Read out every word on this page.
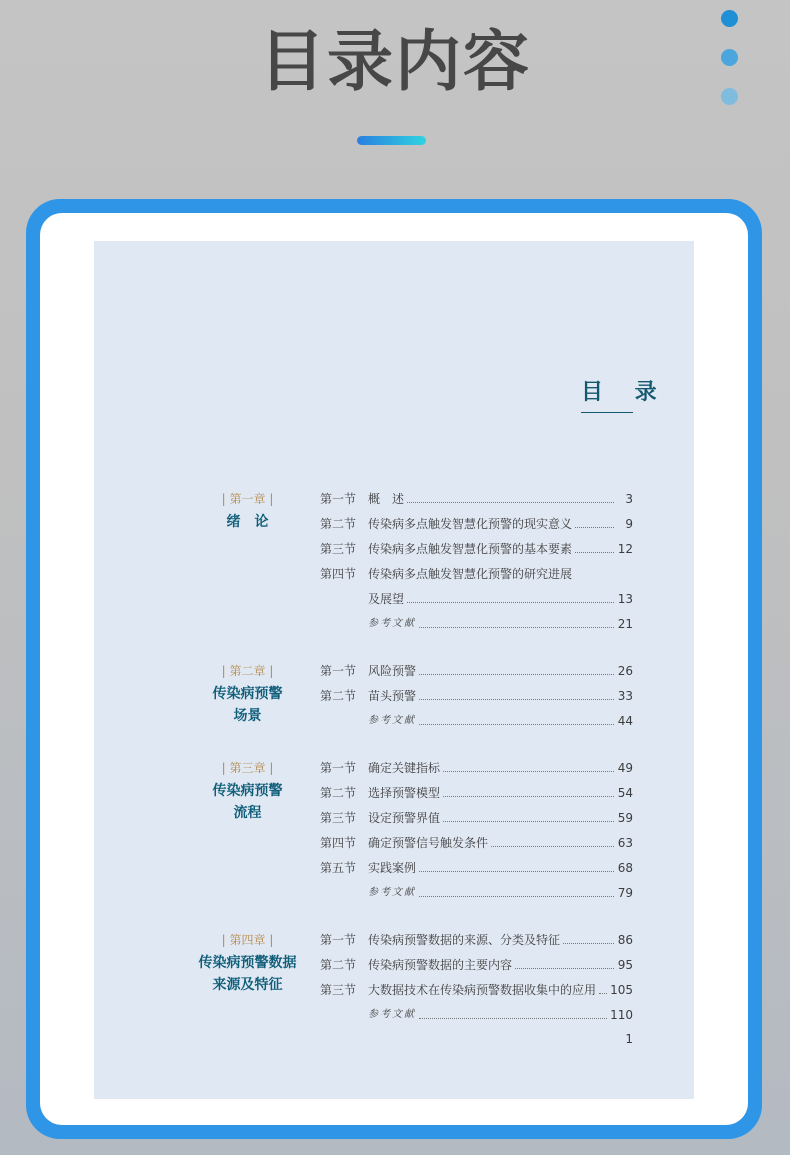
目录内容
目 录
| 第一章 |
绪　论
第一节 概　述	3
第二节 传染病多点触发智慧化预警的现实意义	9
第三节 传染病多点触发智慧化预警的基本要素	12
第四节 传染病多点触发智慧化预警的研究进展
及展望	13
参考文献	21
| 第二章 |
传染病预警
场景
第一节 风险预警	26
第二节 苗头预警	33
参考文献	44
| 第三章 |
传染病预警
流程
第一节 确定关键指标	49
第二节 选择预警模型	54
第三节 设定预警界值	59
第四节 确定预警信号触发条件	63
第五节 实践案例	68
参考文献	79
| 第四章 |
传染病预警数据
来源及特征
第一节 传染病预警数据的来源、分类及特征	86
第二节 传染病预警数据的主要内容	95
第三节 大数据技术在传染病预警数据收集中的应用 105
参考文献	110
1
